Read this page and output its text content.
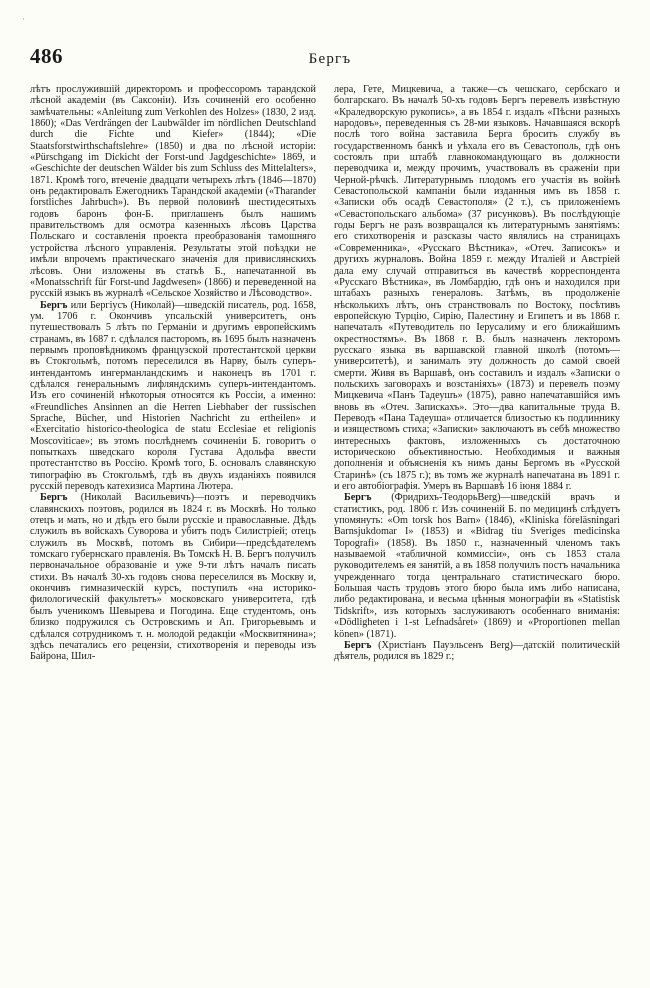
·
486	Бергъ

лѣтъ прослужившій директоромъ и профессоромъ тарандской лѣсной академіи (въ Саксоніи). Изъ сочиненій его особенно замѣчательны: «Anleitung zum Verkohlen des Holzes» (1830, 2 изд. 1860); «Das Verdrängen der Laubwälder im nördlichen Deutschland durch die Fichte und Kiefer» (1844); «Die Staatsforstwirthschaftslehre» (1850) и два по лѣсной исторіи: «Pürschgang im Dickicht der Forst-und Jagdgeschichte» 1869, и «Geschichte der deutschen Wälder bis zum Schluss des Mittelalters», 1871. Кромѣ того, втеченіе двадцати четырехъ лѣтъ (1846—1870) онъ редактировалъ Ежегодникъ Тарандской академіи («Tharander forstliches Jahrbuch»). Въ первой половинѣ шестидесятыхъ годовъ баронъ фон-Б. приглашенъ былъ нашимъ правительствомъ для осмотра казенныхъ лѣсовъ Царства Польскаго и составленія проекта преобразованія тамошняго устройства лѣсного управленія. Результаты этой поѣздки не имѣли впрочемъ практическаго значенія для привислянскихъ лѣсовъ. Они изложены въ статьѣ Б., напечатанной въ «Monatsschrift für Forst-und Jagdwesen» (1866) и переведенной на русскій языкъ въ журналѣ «Сельское Хозяйство и Лѣсоводство».

Бергъ или Бергіусъ (Николай)—шведскій писатель, род. 1658, ум. 1706 г. Окончивъ упсальскій университетъ, онъ путешествовалъ 5 лѣтъ по Германіи и другимъ европейскимъ странамъ, въ 1687 г. сдѣлался пасторомъ, въ 1695 былъ назначенъ первымъ проповѣдникомъ французской протестантской церкви въ Стокгольмѣ, потомъ переселился въ Нарву, былъ суперъ-интендантомъ ингерманландскимъ и наконецъ въ 1701 г. сдѣлался генеральнымъ лифляндскимъ суперъ-интендантомъ. Изъ его сочиненій нѣкоторыя относятся къ Россіи, а именно: «Freundliches Ansinnen an die Herren Liebhaber der russischen Sprache, Bücher, und Historien Nachricht zu ertheilen» и «Exercitatio historico-theologica de statu Ecclesiae et religionis Moscoviticae»; въ этомъ послѣднемъ сочиненіи Б. говоритъ о попыткахъ шведскаго короля Густава Адольфа ввести протестантство въ Россію. Кромѣ того, Б. основалъ славянскую типографію въ Стокгольмѣ, гдѣ въ двухъ изданіяхъ появился русскій переводъ катехизиса Мартина Лютера.

Бергъ (Николай Васильевичъ)—поэтъ и переводчикъ славянскихъ поэтовъ, родился въ 1824 г. въ Москвѣ. Но только отецъ и мать, но и дѣдъ его были русскіе и православные. Дѣдъ служилъ въ войскахъ Суворова и убитъ подъ Силистріей; отецъ служилъ въ Москвѣ, потомъ въ Сибири—предсѣдателемъ томскаго губернскаго правленія. Въ Томскѣ Н. В. Бергъ получилъ первоначальное образованіе и уже 9-ти лѣтъ началъ писать стихи. Въ началѣ 30-хъ годовъ снова переселился въ Москву и, окончивъ гимназическій курсъ, поступилъ «на историко-филологическій факультетъ» московскаго университета, гдѣ былъ ученикомъ Шевырева и Погодина. Еще студентомъ, онъ близко подружился съ Островскимъ и Ап. Григорьевымъ и сдѣлался сотрудникомъ т. н. молодой редакціи «Москвитянина»; здѣсь печатались его рецензіи, стихотворенія и переводы изъ Байрона, Шил-

лера, Гете, Мицкевича, а также—съ чешскаго, сербскаго и болгарскаго. Въ началѣ 50-хъ годовъ Бергъ перевелъ извѣстную «Краледворскую рукопись», а въ 1854 г. издалъ «Пѣсни разныхъ народовъ», переведенныя съ 28-ми языковъ. Начавшаяся вскорѣ послѣ того война заставила Берга бросить службу въ государственномъ банкѣ и уѣхала его въ Севастополь, гдѣ онъ состоялъ при штабѣ главнокомандующаго въ должности переводчика и, между прочимъ, участвовалъ въ сраженіи при Черной-рѣчкѣ. Литературнымъ плодомъ его участія въ войнѣ Севастопольской кампаніи были изданныя имъ въ 1858 г. «Записки объ осадѣ Севастополя» (2 т.), съ приложеніемъ «Севастопольскаго альбома» (37 рисунковъ). Въ послѣдующіе годы Бергъ не разъ возвращался къ литературнымъ занятіямъ: его стихотворенія и разсказы часто являлись на страницахъ «Современника», «Русскаго Вѣстника», «Отеч. Записокъ» и другихъ журналовъ. Война 1859 г. между Италіей и Австріей дала ему случай отправиться въ качествѣ корреспондента «Русскаго Вѣстника», въ Ломбардію, гдѣ онъ и находился при штабахъ разныхъ генераловъ. Затѣмъ, въ продолженіе нѣсколькихъ лѣтъ, онъ странствовалъ по Востоку, посѣтивъ европейскую Турцію, Сирію, Палестину и Египетъ и въ 1868 г. напечаталъ «Путеводитель по Іерусалиму и его ближайшимъ окрестностямъ». Въ 1868 г. В. былъ назначенъ лекторомъ русскаго языка въ варшавской главной школѣ (потомъ—университетѣ), и занималъ эту должность до самой своей смерти. Живя въ Варшавѣ, онъ составилъ и издалъ «Записки о польскихъ заговорахъ и возстаніяхъ» (1873) и перевелъ поэму Мицкевича «Панъ Тадеушъ» (1875), равно напечатавшійся имъ вновь въ «Отеч. Запискахъ». Это—два капитальные труда В. Переводъ «Пана Тадеуша» отличается близостью къ подлиннику и изяществомъ стиха; «Записки» заключаютъ въ себѣ множество интересныхъ фактовъ, изложенныхъ съ достаточною историческою объективностью. Необходимыя и важныя дополненія и объясненія къ нимъ даны Бергомъ въ «Русской Старинѣ» (съ 1875 г.); въ томъ же журналѣ напечатана въ 1891 г. и его автобіографія. Умеръ въ Варшавѣ 16 іюня 1884 г.

Бергъ (Фридрихъ-ТеодорьBerg)—шведскій врачъ и статистикъ, род. 1806 г. Изъ сочиненій Б. по медицинѣ слѣдуетъ упомянуть: «Om torsk hos Barn» (1846), «Kliniska föreläsningari Barnsjukdomar I» (1853) и «Bidrag tiu Sveriges medicinska Topografi» (1858). Въ 1850 г., назначенный членомъ такъ называемой «табличной коммиссіи», онъ съ 1853 стала руководителемъ ея занятій, а въ 1858 получилъ постъ начальника учрежденнаго тогда центральнаго статистическаго бюро. Большая часть трудовъ этого бюро была имъ либо написана, либо редактирована, и весьма цѣнныя монографіи въ «Statistisk Tidskrift», изъ которыхъ заслуживаютъ особеннаго вниманія: «Dödligheten i 1-st Lefnadsåret» (1869) и «Proportionen mellan könen» (1871).

Бергъ (Христіанъ Пауэльсенъ Berg)—датскій политическій дѣятель, родился въ 1829 г.;
